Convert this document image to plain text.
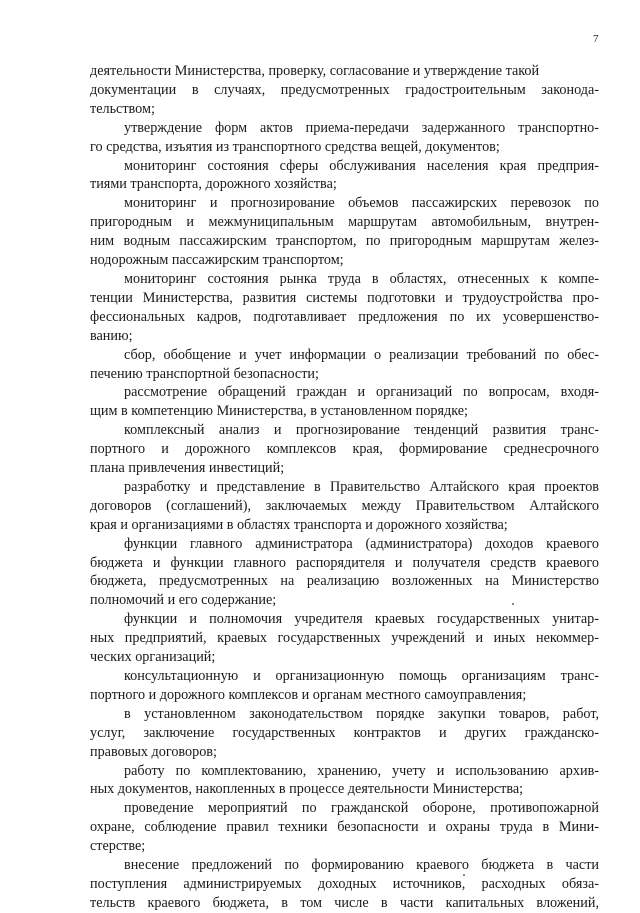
7
деятельности Министерства, проверку, согласование и утверждение такой
документации в случаях, предусмотренных градостроительным законода-
тельством;
утверждение форм актов приема-передачи задержанного транспортно-
го средства, изъятия из транспортного средства вещей, документов;
мониторинг состояния сферы обслуживания населения края предприя-
тиями транспорта, дорожного хозяйства;
мониторинг и прогнозирование объемов пассажирских перевозок по
пригородным и межмуниципальным маршрутам автомобильным, внутрен-
ним водным пассажирским транспортом, по пригородным маршрутам желез-
нодорожным пассажирским транспортом;
мониторинг состояния рынка труда в областях, отнесенных к компе-
тенции Министерства, развития системы подготовки и трудоустройства про-
фессиональных кадров, подготавливает предложения по их усовершенство-
ванию;
сбор, обобщение и учет информации о реализации требований по обес-
печению транспортной безопасности;
рассмотрение обращений граждан и организаций по вопросам, входя-
щим в компетенцию Министерства, в установленном порядке;
комплексный анализ и прогнозирование тенденций развития транс-
портного и дорожного комплексов края, формирование среднесрочного
плана привлечения инвестиций;
разработку и представление в Правительство Алтайского края проектов
договоров (соглашений), заключаемых между Правительством Алтайского
края и организациями в областях транспорта и дорожного хозяйства;
функции главного администратора (администратора) доходов краевого
бюджета и функции главного распорядителя и получателя средств краевого
бюджета, предусмотренных на реализацию возложенных на Министерство
полномочий и его содержание;
функции и полномочия учредителя краевых государственных унитар-
ных предприятий, краевых государственных учреждений и иных некоммер-
ческих организаций;
консультационную и организационную помощь организациям транс-
портного и дорожного комплексов и органам местного самоуправления;
в установленном законодательством порядке закупки товаров, работ,
услуг, заключение государственных контрактов и других гражданско-
правовых договоров;
работу по комплектованию, хранению, учету и использованию архив-
ных документов, накопленных в процессе деятельности Министерства;
проведение мероприятий по гражданской обороне, противопожарной
охране, соблюдение правил техники безопасности и охраны труда в Мини-
стерстве;
внесение предложений по формированию краевого бюджета в части
поступления администрируемых доходных источников, расходных обяза-
тельств краевого бюджета, в том числе в части капитальных вложений,
